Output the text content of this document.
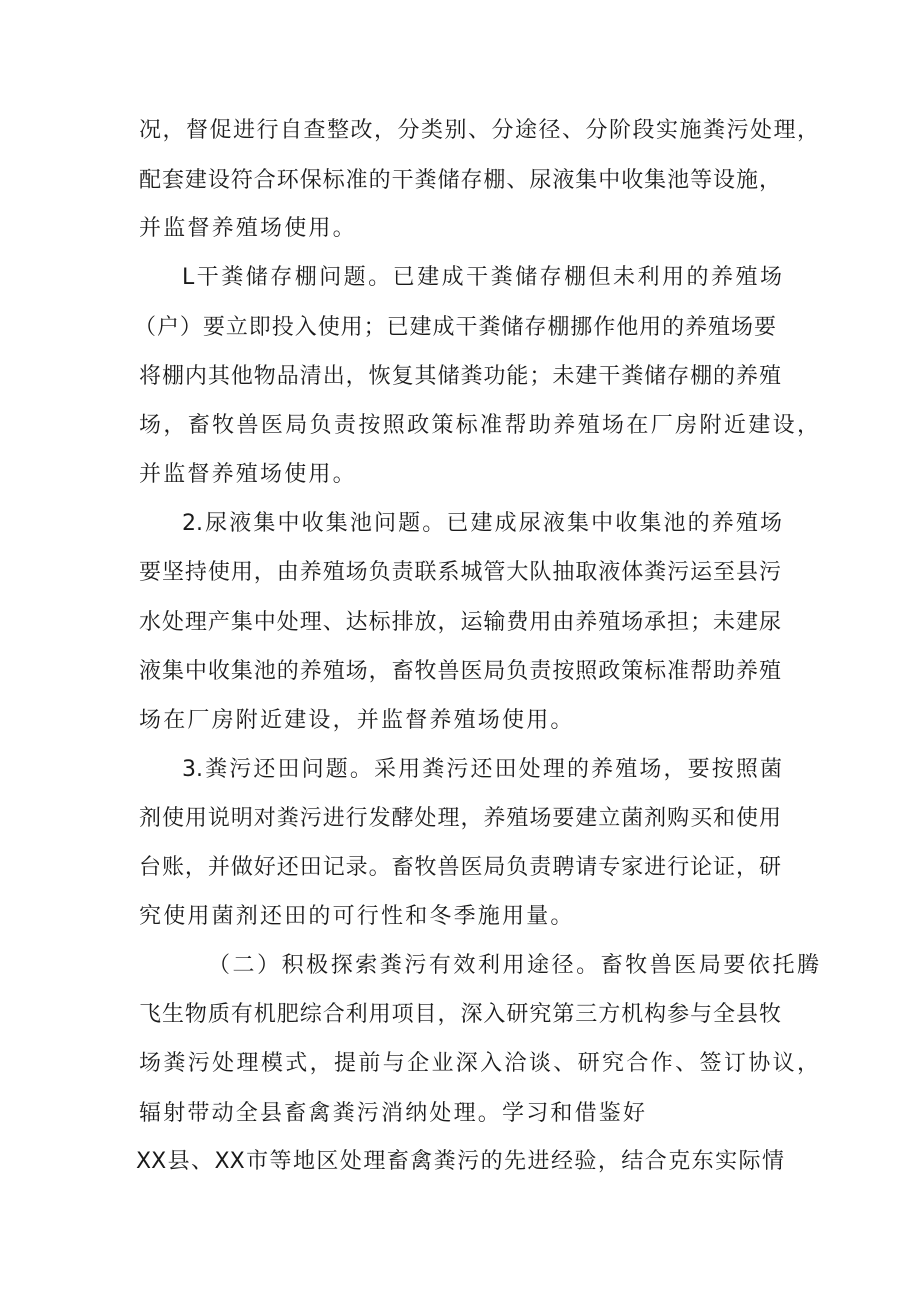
况，督促进行自查整改，分类别、分途径、分阶段实施粪污处理，
配套建设符合环保标准的干粪储存棚、尿液集中收集池等设施，
并监督养殖场使用。
L干粪储存棚问题。已建成干粪储存棚但未利用的养殖场
（户）要立即投入使用；已建成干粪储存棚挪作他用的养殖场要
将棚内其他物品清出，恢复其储粪功能；未建干粪储存棚的养殖
场，畜牧兽医局负责按照政策标准帮助养殖场在厂房附近建设，
并监督养殖场使用。
2.尿液集中收集池问题。已建成尿液集中收集池的养殖场
要坚持使用，由养殖场负责联系城管大队抽取液体粪污运至县污
水处理产集中处理、达标排放，运输费用由养殖场承担；未建尿
液集中收集池的养殖场，畜牧兽医局负责按照政策标准帮助养殖
场在厂房附近建设，并监督养殖场使用。
3.粪污还田问题。采用粪污还田处理的养殖场，要按照菌
剂使用说明对粪污进行发酵处理，养殖场要建立菌剂购买和使用
台账，并做好还田记录。畜牧兽医局负责聘请专家进行论证，研
究使用菌剂还田的可行性和冬季施用量。
（二）积极探索粪污有效利用途径。畜牧兽医局要依托腾
飞生物质有机肥综合利用项目，深入研究第三方机构参与全县牧
场粪污处理模式，提前与企业深入洽谈、研究合作、签订协议，
辐射带动全县畜禽粪污消纳处理。学习和借鉴好
XX县、XX市等地区处理畜禽粪污的先进经验，结合克东实际情
